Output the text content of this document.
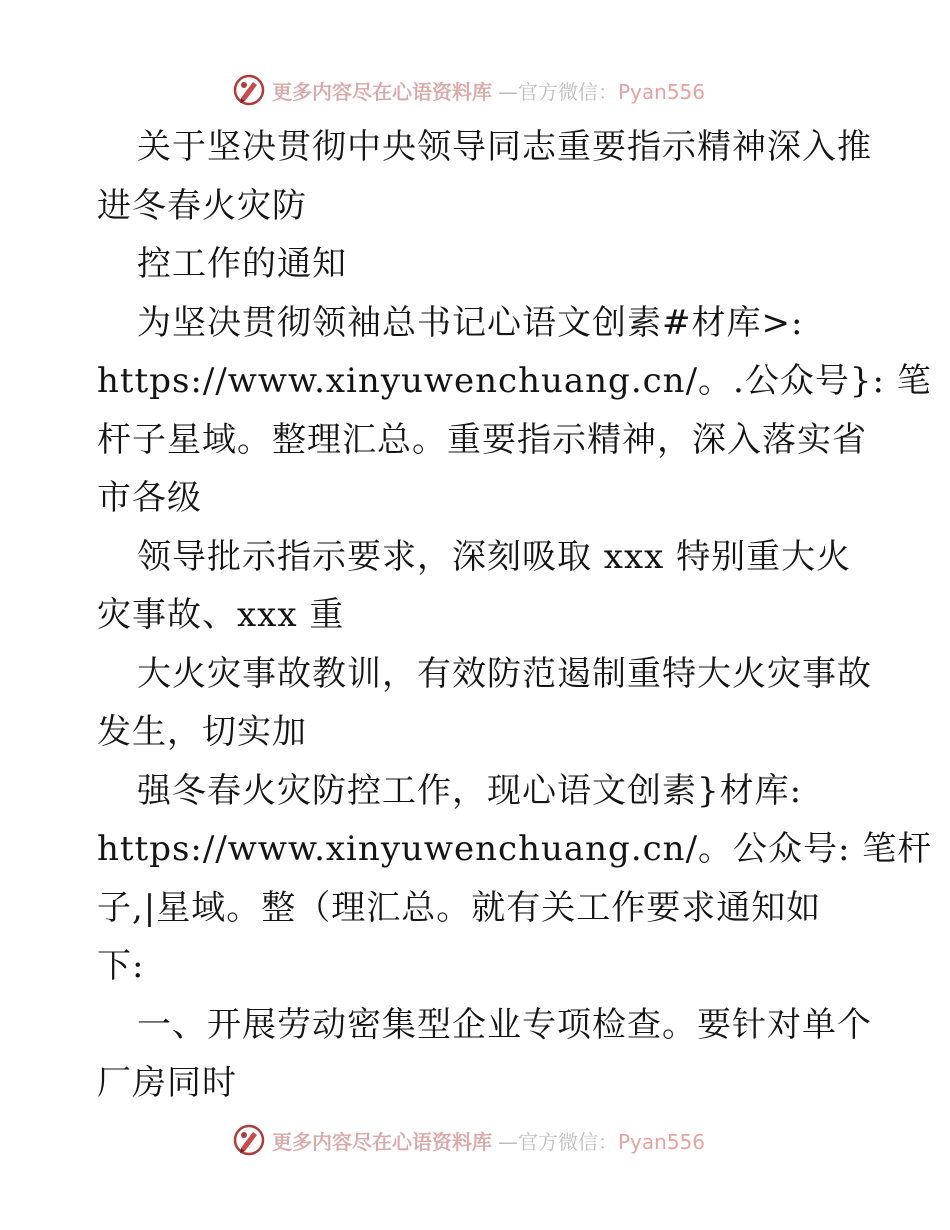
更多内容尽在心语资料库 —官方微信：Pyan556
关于坚决贯彻中央领导同志重要指示精神深入推
进冬春火灾防
控工作的通知
为坚决贯彻领袖总书记心语文创素#材库>:
https://www.xinyuwenchuang.cn/。.公众号}: 笔
杆子星域。整理汇总。重要指示精神，深入落实省
市各级
领导批示指示要求，深刻吸取 xxx 特别重大火
灾事故、xxx 重
大火灾事故教训，有效防范遏制重特大火灾事故
发生，切实加
强冬春火灾防控工作，现心语文创素}材库:
https://www.xinyuwenchuang.cn/。公众号: 笔杆
子,|星域。整（理汇总。就有关工作要求通知如
下:
一、开展劳动密集型企业专项检查。要针对单个
厂房同时
更多内容尽在心语资料库 —官方微信：Pyan556
